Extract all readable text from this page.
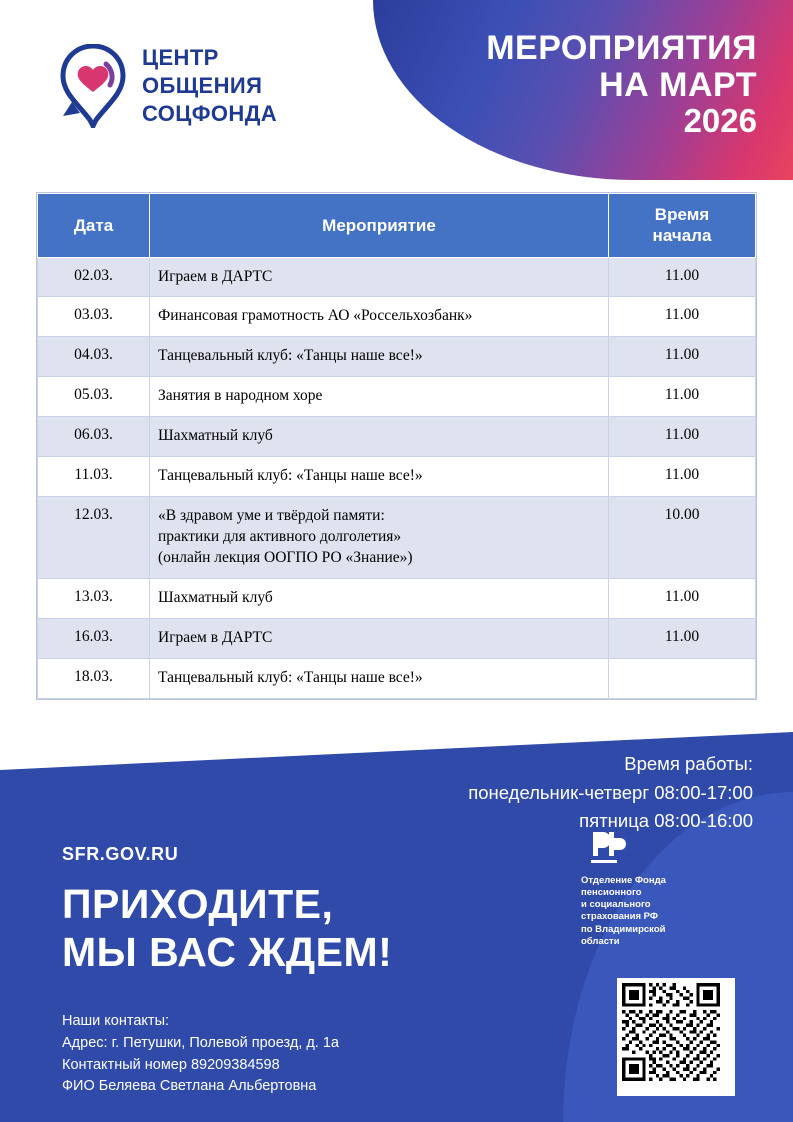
ЦЕНТР
ОБЩЕНИЯ
СОЦФОНДА
МЕРОПРИЯТИЯ
НА МАРТ
2026
Дата	Мероприятие	Время
начала
02.03.	Играем в ДАРТС	11.00
03.03.	Финансовая грамотность АО «Россельхозбанк»	11.00
04.03.	Танцевальный клуб: «Танцы наше все!»	11.00
05.03.	Занятия в народном хоре	11.00
06.03.	Шахматный клуб	11.00
11.03.	Танцевальный клуб: «Танцы наше все!»	11.00
12.03.	«В здравом уме и твёрдой памяти:
практики для активного долголетия»
(онлайн лекция ООГПО РО «Знание»)	10.00
13.03.	Шахматный клуб	11.00
16.03.	Играем в ДАРТС	11.00
18.03.	Танцевальный клуб: «Танцы наше все!»	

Время работы:
понедельник-четверг 08:00-17:00
пятница 08:00-16:00
SFR.GOV.RU
ПРИХОДИТЕ,
МЫ ВАС ЖДЕМ!
Наши контакты:
Адрес: г. Петушки, Полевой проезд, д. 1а
Контактный номер 89209384598
ФИО Беляева Светлана Альбертовна
Отделение Фонда
пенсионного
и социального
страхования РФ
по Владимирской
области
